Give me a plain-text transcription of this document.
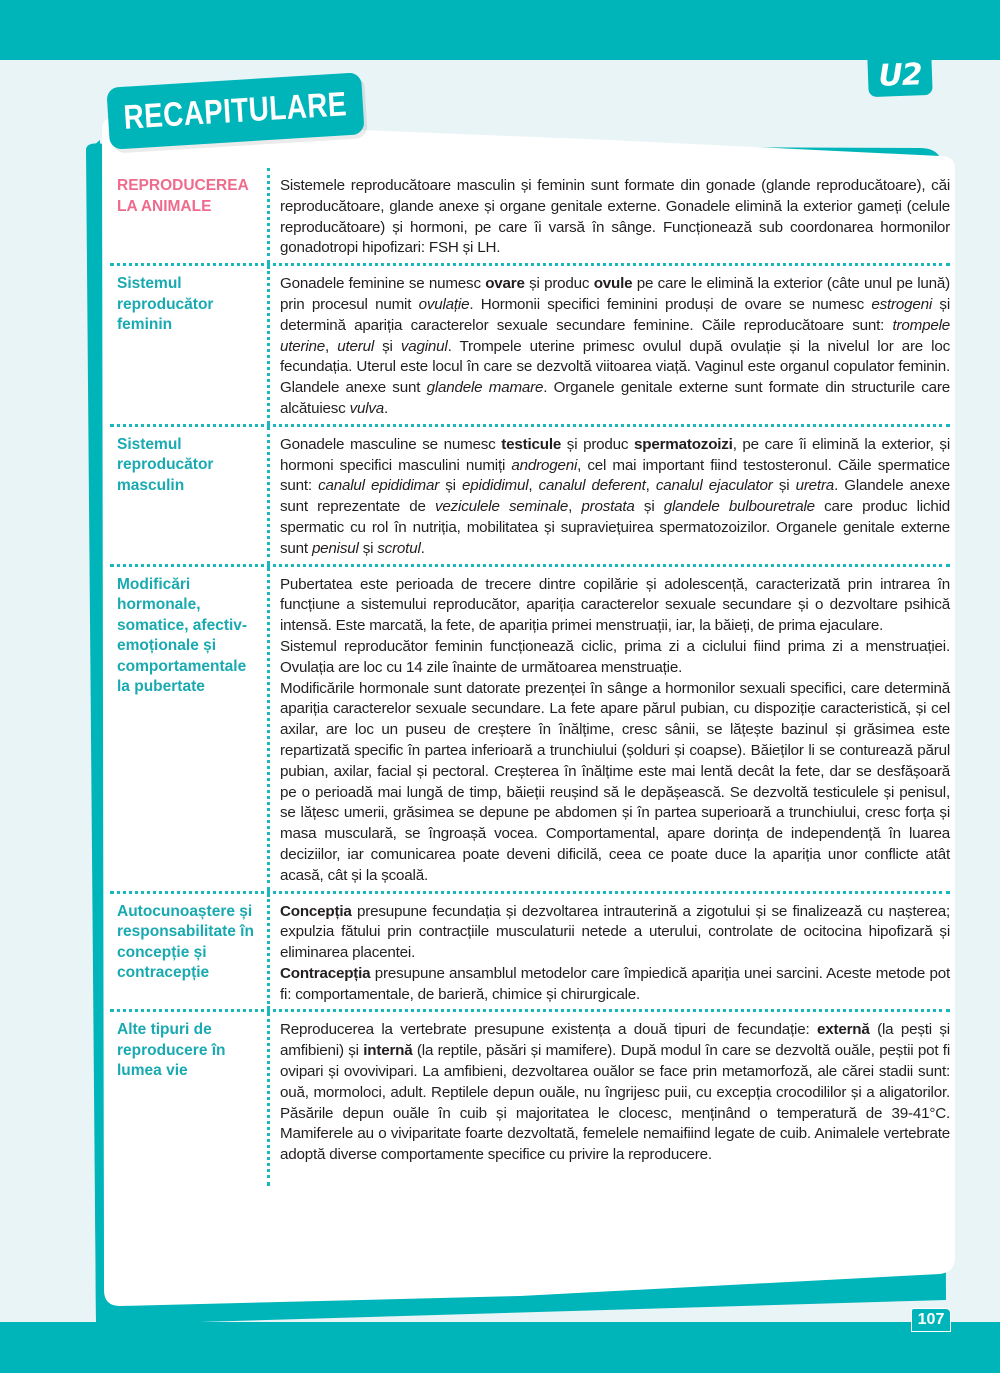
U2
RECAPITULARE
REPRODUCEREA LA ANIMALE

Sistemele reproducătoare masculin și feminin sunt formate din gonade (glande reproducătoare), căi reproducătoare, glande anexe și organe genitale externe. Gonadele elimină la exterior gameți (celule reproducătoare) și hormoni, pe care îi varsă în sânge. Funcționează sub coordonarea hormonilor gonadotropi hipofizari: FSH și LH.

Sistemul reproducător feminin

Gonadele feminine se numesc ovare și produc ovule pe care le elimină la exterior (câte unul pe lună) prin procesul numit ovulație. Hormonii specifici feminini produși de ovare se numesc estrogeni și determină apariția caracterelor sexuale secundare feminine. Căile reproducătoare sunt: trompele uterine, uterul și vaginul. Trompele uterine primesc ovulul după ovulație și la nivelul lor are loc fecundația. Uterul este locul în care se dezvoltă viitoarea viață. Vaginul este organul copulator feminin. Glandele anexe sunt glandele mamare. Organele genitale externe sunt formate din structurile care alcătuiesc vulva.

Sistemul reproducător masculin

Gonadele masculine se numesc testicule și produc spermatozoizi, pe care îi elimină la exterior, și hormoni specifici masculini numiți androgeni, cel mai important fiind testosteronul. Căile spermatice sunt: canalul epididimar și epididimul, canalul deferent, canalul ejaculator și uretra. Glandele anexe sunt reprezentate de veziculele seminale, prostata și glandele bulbouretrale care produc lichid spermatic cu rol în nutriția, mobilitatea și supraviețuirea spermatozoizilor. Organele genitale externe sunt penisul și scrotul.

Modificări hormonale, somatice, afectiv-emoționale și comportamentale la pubertate

Pubertatea este perioada de trecere dintre copilărie și adolescență, caracterizată prin intrarea în funcțiune a sistemului reproducător, apariția caracterelor sexuale secundare și o dezvoltare psihică intensă. Este marcată, la fete, de apariția primei menstruații, iar, la băieți, de prima ejaculare.

Sistemul reproducător feminin funcționează ciclic, prima zi a ciclului fiind prima zi a menstruației. Ovulația are loc cu 14 zile înainte de următoarea menstruație.

Modificările hormonale sunt datorate prezenței în sânge a hormonilor sexuali specifici, care determină apariția caracterelor sexuale secundare. La fete apare părul pubian, cu dispoziție caracteristică, și cel axilar, are loc un puseu de creștere în înălțime, cresc sânii, se lățește bazinul și grăsimea este repartizată specific în partea inferioară a trunchiului (șolduri și coapse). Băieților li se conturează părul pubian, axilar, facial și pectoral. Creșterea în înălțime este mai lentă decât la fete, dar se desfășoară pe o perioadă mai lungă de timp, băieții reușind să le depășească. Se dezvoltă testiculele și penisul, se lățesc umerii, grăsimea se depune pe abdomen și în partea superioară a trunchiului, cresc forța și masa musculară, se îngroașă vocea. Comportamental, apare dorința de independență în luarea deciziilor, iar comunicarea poate deveni dificilă, ceea ce poate duce la apariția unor conflicte atât acasă, cât și la școală.

Autocunoaștere și responsabilitate în concepție și contracepție

Concepția presupune fecundația și dezvoltarea intrauterină a zigotului și se finalizează cu nașterea; expulzia fătului prin contracțiile musculaturii netede a uterului, controlate de ocitocina hipofizară și eliminarea placentei.

Contracepția presupune ansamblul metodelor care împiedică apariția unei sarcini. Aceste metode pot fi: comportamentale, de barieră, chimice și chirurgicale.

Alte tipuri de reproducere în lumea vie

Reproducerea la vertebrate presupune existența a două tipuri de fecundație: externă (la pești și amfibieni) și internă (la reptile, păsări și mamifere). După modul în care se dezvoltă ouăle, peștii pot fi ovipari și ovovivipari. La amfibieni, dezvoltarea ouălor se face prin metamorfoză, ale cărei stadii sunt: ouă, mormoloci, adult. Reptilele depun ouăle, nu îngrijesc puii, cu excepția crocodililor și a aligatorilor. Păsările depun ouăle în cuib și majoritatea le clocesc, menținând o temperatură de 39-41°C. Mamiferele au o viviparitate foarte dezvoltată, femelele nemaifiind legate de cuib. Animalele vertebrate adoptă diverse comportamente specifice cu privire la reproducere.

107
